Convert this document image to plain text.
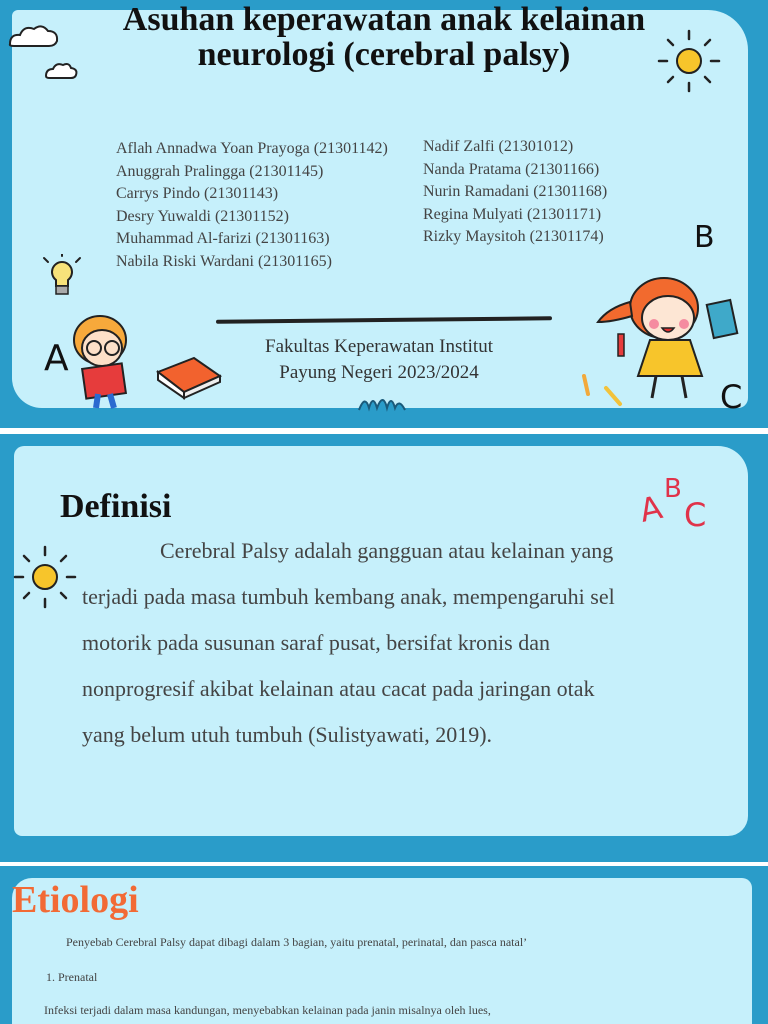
Asuhan keperawatan anak kelainan neurologi (cerebral palsy)
Aflah Annadwa Yoan Prayoga (21301142)
Anuggrah Pralingga (21301145)
Carrys Pindo (21301143)
Desry Yuwaldi (21301152)
Muhammad Al-farizi (21301163)
Nabila Riski Wardani (21301165)
Nadif Zalfi (21301012)
Nanda Pratama (21301166)
Nurin Ramadani (21301168)
Regina Mulyati (21301171)
Rizky Maysitoh (21301174)
Fakultas Keperawatan Institut
Payung Negeri 2023/2024
A
B
C
Definisi
Cerebral Palsy adalah gangguan atau kelainan yang terjadi pada masa tumbuh kembang anak, mempengaruhi sel motorik pada susunan saraf pusat, bersifat kronis dan nonprogresif akibat kelainan atau cacat pada jaringan otak yang belum utuh tumbuh (Sulistyawati, 2019).
A
B
C
Etiologi
Penyebab Cerebral Palsy dapat dibagi dalam 3 bagian, yaitu prenatal, perinatal, dan pasca natal’
1. Prenatal
Infeksi terjadi dalam masa kandungan, menyebabkan kelainan pada janin misalnya oleh lues,
